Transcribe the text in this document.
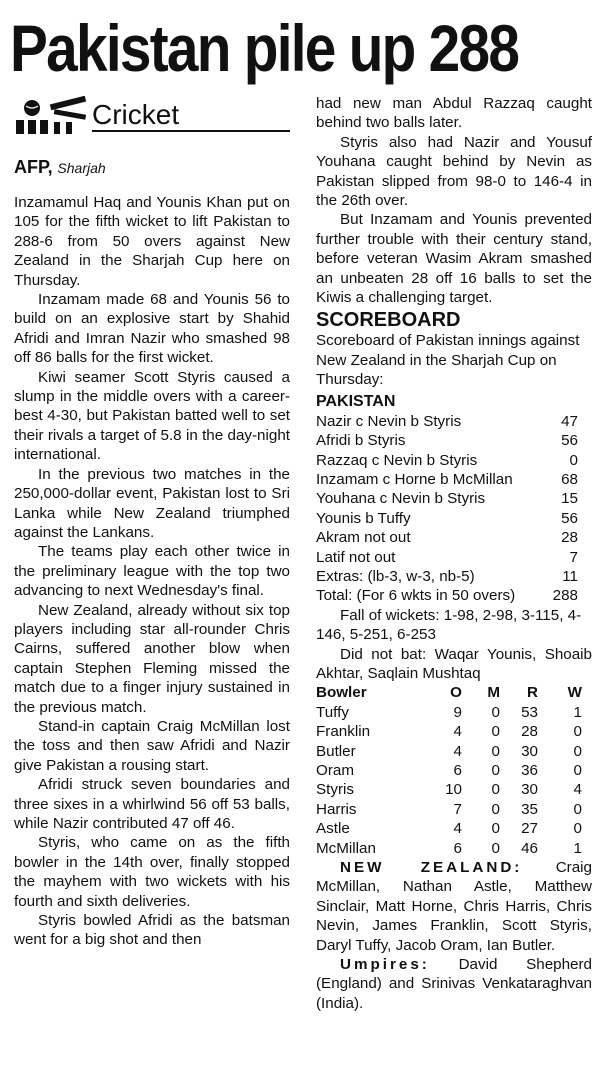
Pakistan pile up 288
Cricket
AFP, Sharjah

Inzamamul Haq and Younis Khan put on 105 for the fifth wicket to lift Pakistan to 288-6 from 50 overs against New Zealand in the Sharjah Cup here on Thursday.

Inzamam made 68 and Younis 56 to build on an explosive start by Shahid Afridi and Imran Nazir who smashed 98 off 86 balls for the first wicket.

Kiwi seamer Scott Styris caused a slump in the middle overs with a career-best 4-30, but Pakistan batted well to set their rivals a target of 5.8 in the day-night international.

In the previous two matches in the 250,000-dollar event, Pakistan lost to Sri Lanka while New Zealand triumphed against the Lankans.

The teams play each other twice in the preliminary league with the top two advancing to next Wednesday's final.

New Zealand, already without six top players including star all-rounder Chris Cairns, suffered another blow when captain Stephen Fleming missed the match due to a finger injury sustained in the previous match.

Stand-in captain Craig McMillan lost the toss and then saw Afridi and Nazir give Pakistan a rousing start.

Afridi struck seven boundaries and three sixes in a whirlwind 56 off 53 balls, while Nazir contributed 47 off 46.

Styris, who came on as the fifth bowler in the 14th over, finally stopped the mayhem with two wickets with his fourth and sixth deliveries.

Styris bowled Afridi as the batsman went for a big shot and then

had new man Abdul Razzaq caught behind two balls later.

Styris also had Nazir and Yousuf Youhana caught behind by Nevin as Pakistan slipped from 98-0 to 146-4 in the 26th over.

But Inzamam and Younis prevented further trouble with their century stand, before veteran Wasim Akram smashed an unbeaten 28 off 16 balls to set the Kiwis a challenging target.

SCOREBOARD

Scoreboard of Pakistan innings against New Zealand in the Sharjah Cup on Thursday:

PAKISTAN
Nazir c Nevin b Styris	47
Afridi b Styris	56
Razzaq c Nevin b Styris	0
Inzamam c Horne b McMillan	68
Youhana c Nevin b Styris	15
Younis b Tuffy	56
Akram not out	28
Latif not out	7
Extras: (lb-3, w-3, nb-5)	11
Total: (For 6 wkts in 50 overs)	288

Fall of wickets: 1-98, 2-98, 3-115, 4-146, 5-251, 6-253

Did not bat: Waqar Younis, Shoaib Akhtar, Saqlain Mushtaq

Bowler	O	M	R	W
Tuffy	9	0	53	1
Franklin	4	0	28	0
Butler	4	0	30	0
Oram	6	0	36	0
Styris	10	0	30	4
Harris	7	0	35	0
Astle	4	0	27	0
McMillan	6	0	46	1

NEW ZEALAND: Craig McMillan, Nathan Astle, Matthew Sinclair, Matt Horne, Chris Harris, Chris Nevin, James Franklin, Scott Styris, Daryl Tuffy, Jacob Oram, Ian Butler.

Umpires: David Shepherd (England) and Srinivas Venkataraghvan (India).
